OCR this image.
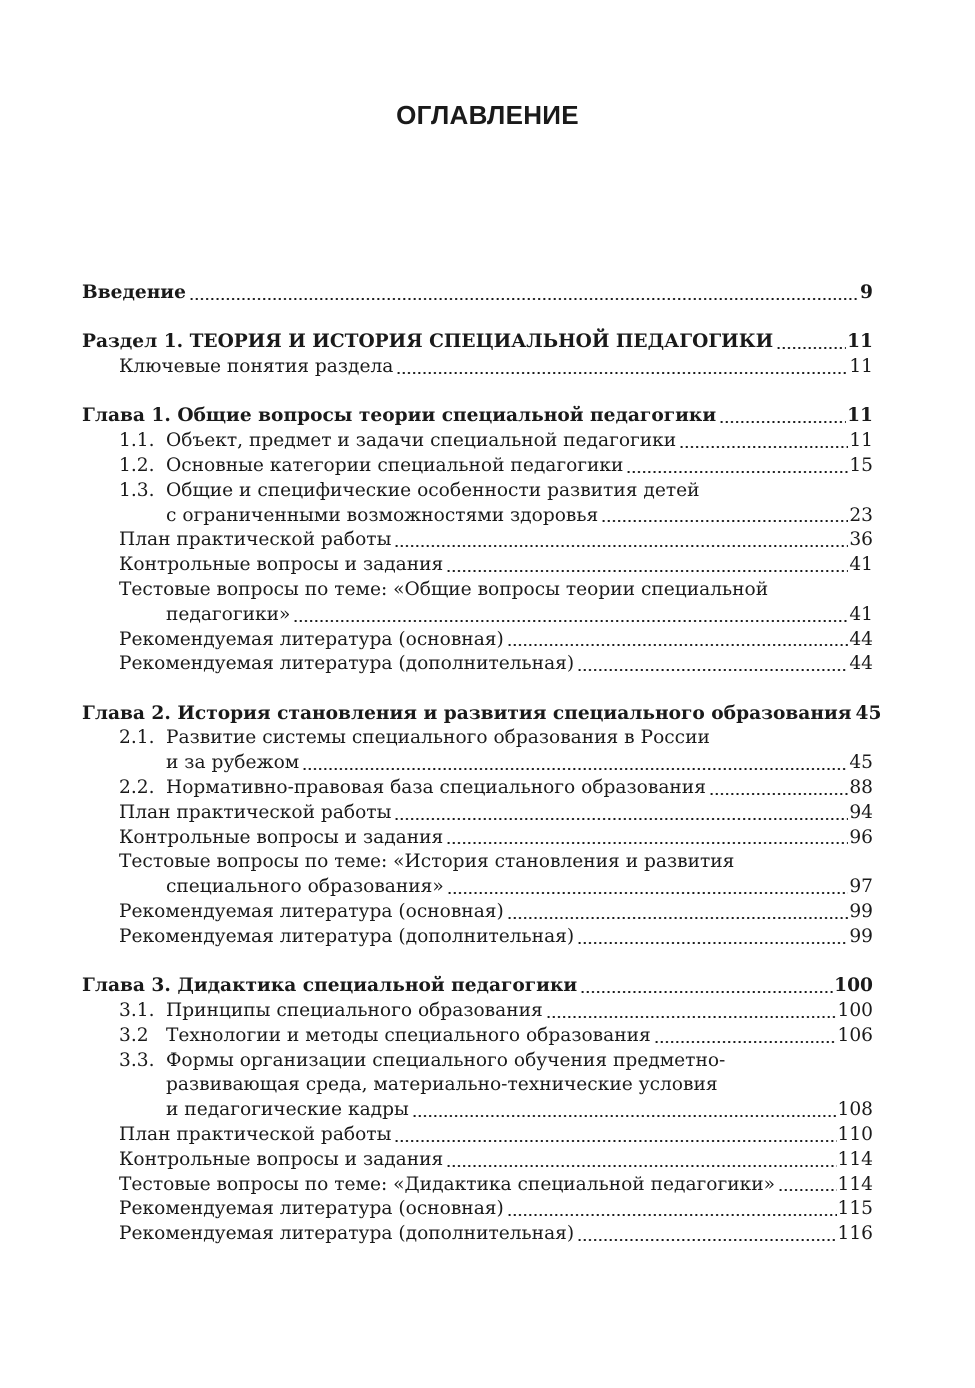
ОГЛАВЛЕНИЕ
Введение	9
Раздел 1. ТЕОРИЯ И ИСТОРИЯ СПЕЦИАЛЬНОЙ ПЕДАГОГИКИ	11
Ключевые понятия раздела	11
Глава 1. Общие вопросы теории специальной педагогики	11
1.1. Объект, предмет и задачи специальной педагогики	11
1.2. Основные категории специальной педагогики	15
1.3. Общие и специфические особенности развития детей
с ограниченными возможностями здоровья	23
План практической работы	36
Контрольные вопросы и задания	41
Тестовые вопросы по теме: «Общие вопросы теории специальной
педагогики»	41
Рекомендуемая литература (основная)	44
Рекомендуемая литература (дополнительная)	44
Глава 2. История становления и развития специального образования 45
2.1. Развитие системы специального образования в России
и за рубежом	45
2.2. Нормативно-правовая база специального образования	88
План практической работы	94
Контрольные вопросы и задания	96
Тестовые вопросы по теме: «История становления и развития
специального образования»	97
Рекомендуемая литература (основная)	99
Рекомендуемая литература (дополнительная)	99
Глава 3. Дидактика специальной педагогики	100
3.1. Принципы специального образования	100
3.2 Технологии и методы специального образования	106
3.3. Формы организации специального обучения предметно-
развивающая среда, материально-технические условия
и педагогические кадры	108
План практической работы	110
Контрольные вопросы и задания	114
Тестовые вопросы по теме: «Дидактика специальной педагогики»	114
Рекомендуемая литература (основная)	115
Рекомендуемая литература (дополнительная)	116
